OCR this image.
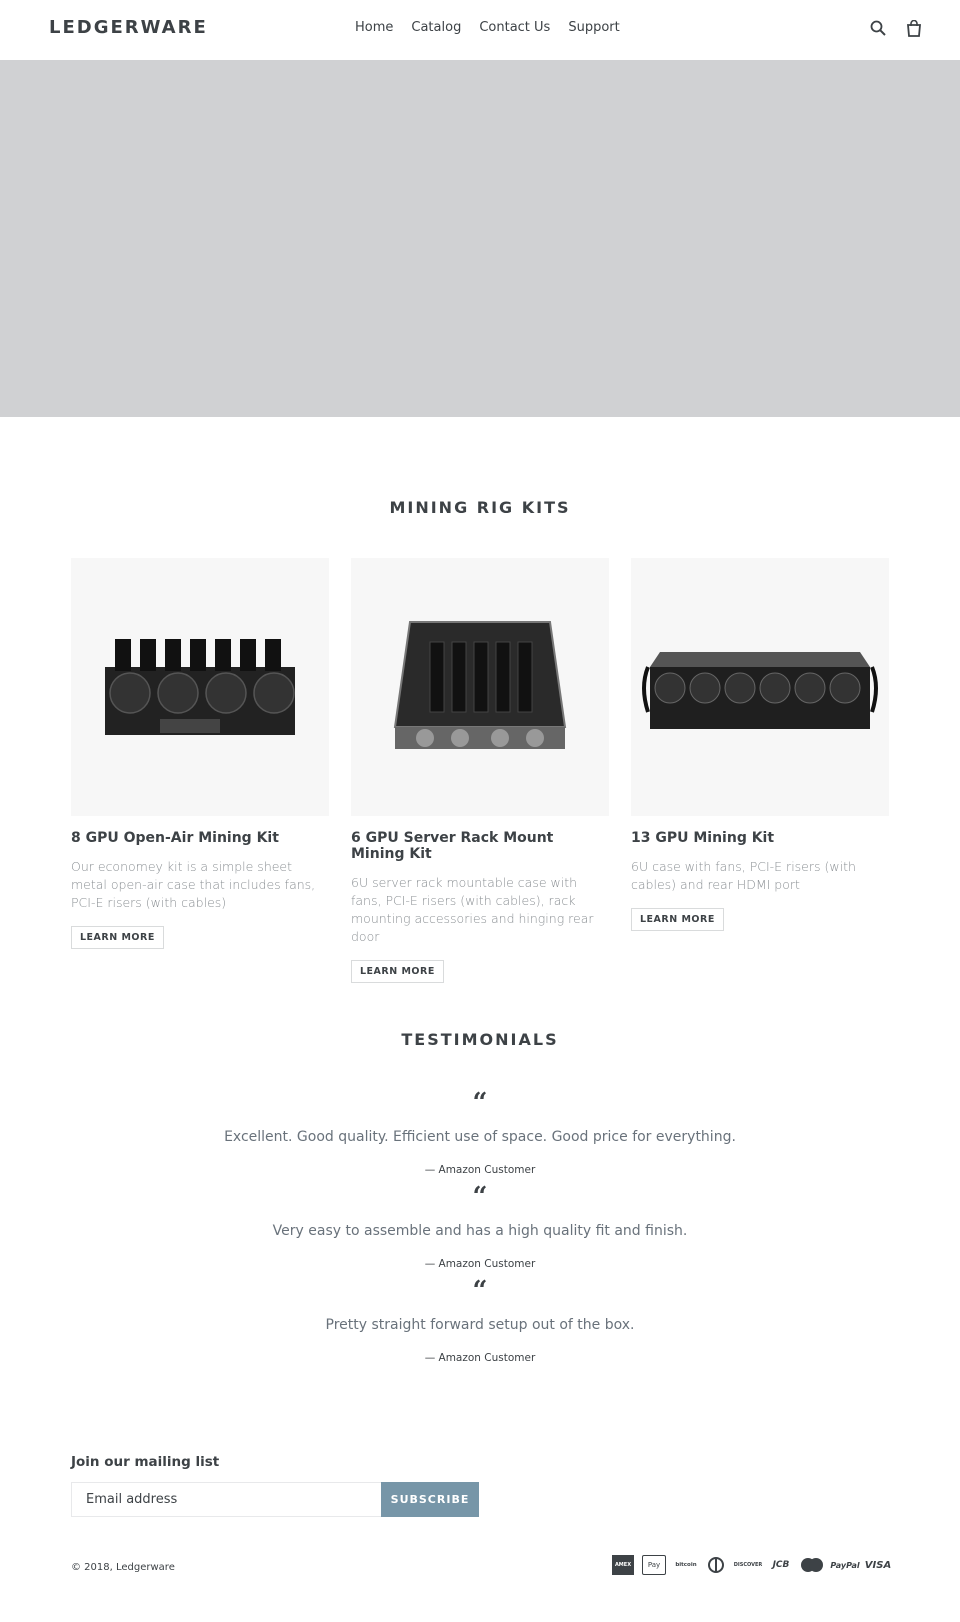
LEDGERWARE	Home Catalog Contact Us Support
MINING RIG KITS
8 GPU Open-Air Mining Kit

Our economey kit is a simple sheet metal open-air case that includes fans, PCI-E risers (with cables)

LEARN MORE
6 GPU Server Rack Mount Mining Kit

6U server rack mountable case with fans, PCI-E risers (with cables), rack mounting accessories and hinging rear door

LEARN MORE
13 GPU Mining Kit

6U case with fans, PCI-E risers (with cables) and rear HDMI port

LEARN MORE
TESTIMONIALS
“
Excellent. Good quality. Efficient use of space. Good price for everything.
— Amazon Customer
“
Very easy to assemble and has a high quality fit and finish.
— Amazon Customer
“
Pretty straight forward setup out of the box.
— Amazon Customer
Join our mailing list
Email address
SUBSCRIBE
© 2018, Ledgerware	AMEX	Pay	bitcoin	DISCOVER JCB	PayPal VISA
